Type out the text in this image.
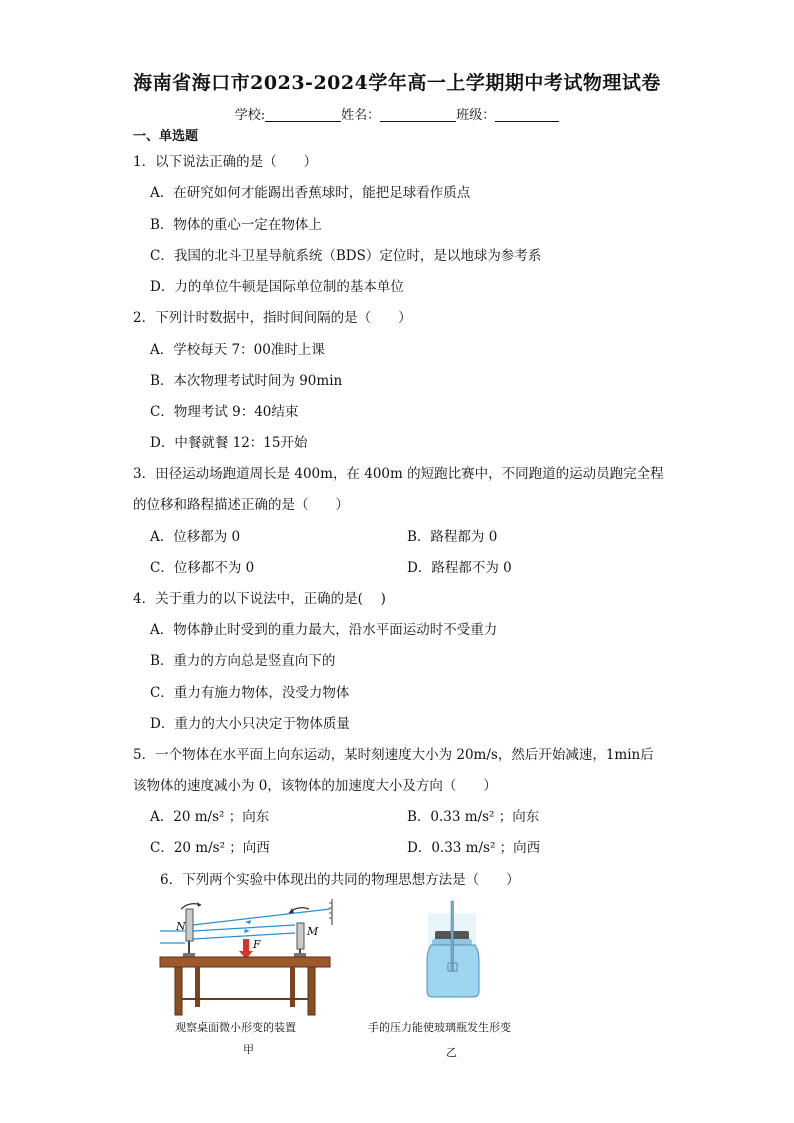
海南省海口市2023-2024学年高一上学期期中考试物理试卷
学校:	姓名：	班级：
一、单选题
1．以下说法正确的是（　　）
A．在研究如何才能踢出香蕉球时，能把足球看作质点
B．物体的重心一定在物体上
C．我国的北斗卫星导航系统（BDS）定位时，是以地球为参考系
D．力的单位牛顿是国际单位制的基本单位
2．下列计时数据中，指时间间隔的是（　　）
A．学校每天 7：00准时上课
B．本次物理考试时间为 90min
C．物理考试 9：40结束
D．中餐就餐 12：15开始
3．田径运动场跑道周长是 400m，在 400m 的短跑比赛中，不同跑道的运动员跑完全程
的位移和路程描述正确的是（　　）
A．位移都为 0	B．路程都为 0
C．位移都不为 0	D．路程都不为 0
4．关于重力的以下说法中，正确的是(　 )
A．物体静止时受到的重力最大，沿水平面运动时不受重力
B．重力的方向总是竖直向下的
C．重力有施力物体，没受力物体
D．重力的大小只决定于物体质量
5．一个物体在水平面上向东运动，某时刻速度大小为 20m/s，然后开始减速，1min后
该物体的速度减小为 0，该物体的加速度大小及方向（　　）
A．20 m/s² ；向东	B．0.33 m/s² ；向东
C．20 m/s² ；向西	D．0.33 m/s² ；向西
6．下列两个实验中体现出的共同的物理思想方法是（　　）
N	M
F
观察桌面微小形变的装置
甲
手的压力能使玻璃瓶发生形变
乙
